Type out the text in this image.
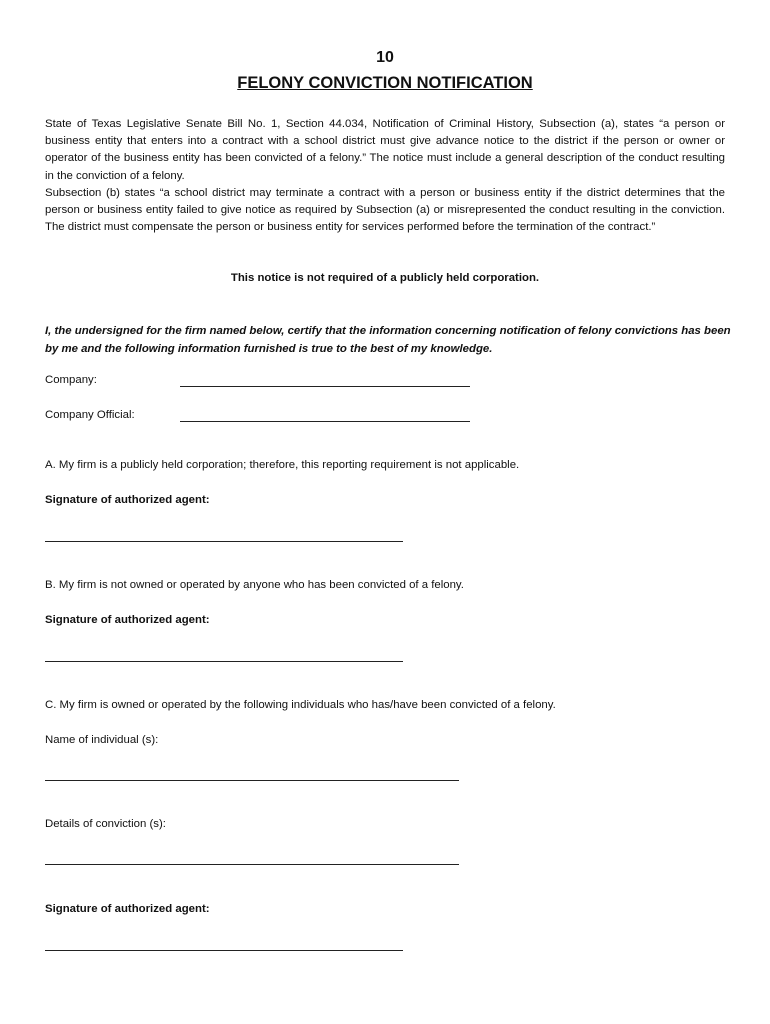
10
FELONY CONVICTION NOTIFICATION

State of Texas Legislative Senate Bill No. 1, Section 44.034, Notification of Criminal History, Subsection (a), states “a person or business entity that enters into a contract with a school district must give advance notice to the district if the person or owner or operator of the business entity has been convicted of a felony.” The notice must include a general description of the conduct resulting in the conviction of a felony.

Subsection (b) states “a school district may terminate a contract with a person or business entity if the district determines that the person or business entity failed to give notice as required by Subsection (a) or misrepresented the conduct resulting in the conviction. The district must compensate the person or business entity for services performed before the termination of the contract.”

This notice is not required of a publicly held corporation.
I, the undersigned for the firm named below, certify that the information concerning notification of felony convictions has been by me and the following information furnished is true to the best of my knowledge.
Company:
Company Official:
A. My firm is a publicly held corporation; therefore, this reporting requirement is not applicable.
Signature of authorized agent:
B. My firm is not owned or operated by anyone who has been convicted of a felony.
Signature of authorized agent:
C. My firm is owned or operated by the following individuals who has/have been convicted of a felony.
Name of individual (s):
Details of conviction (s):
Signature of authorized agent:
